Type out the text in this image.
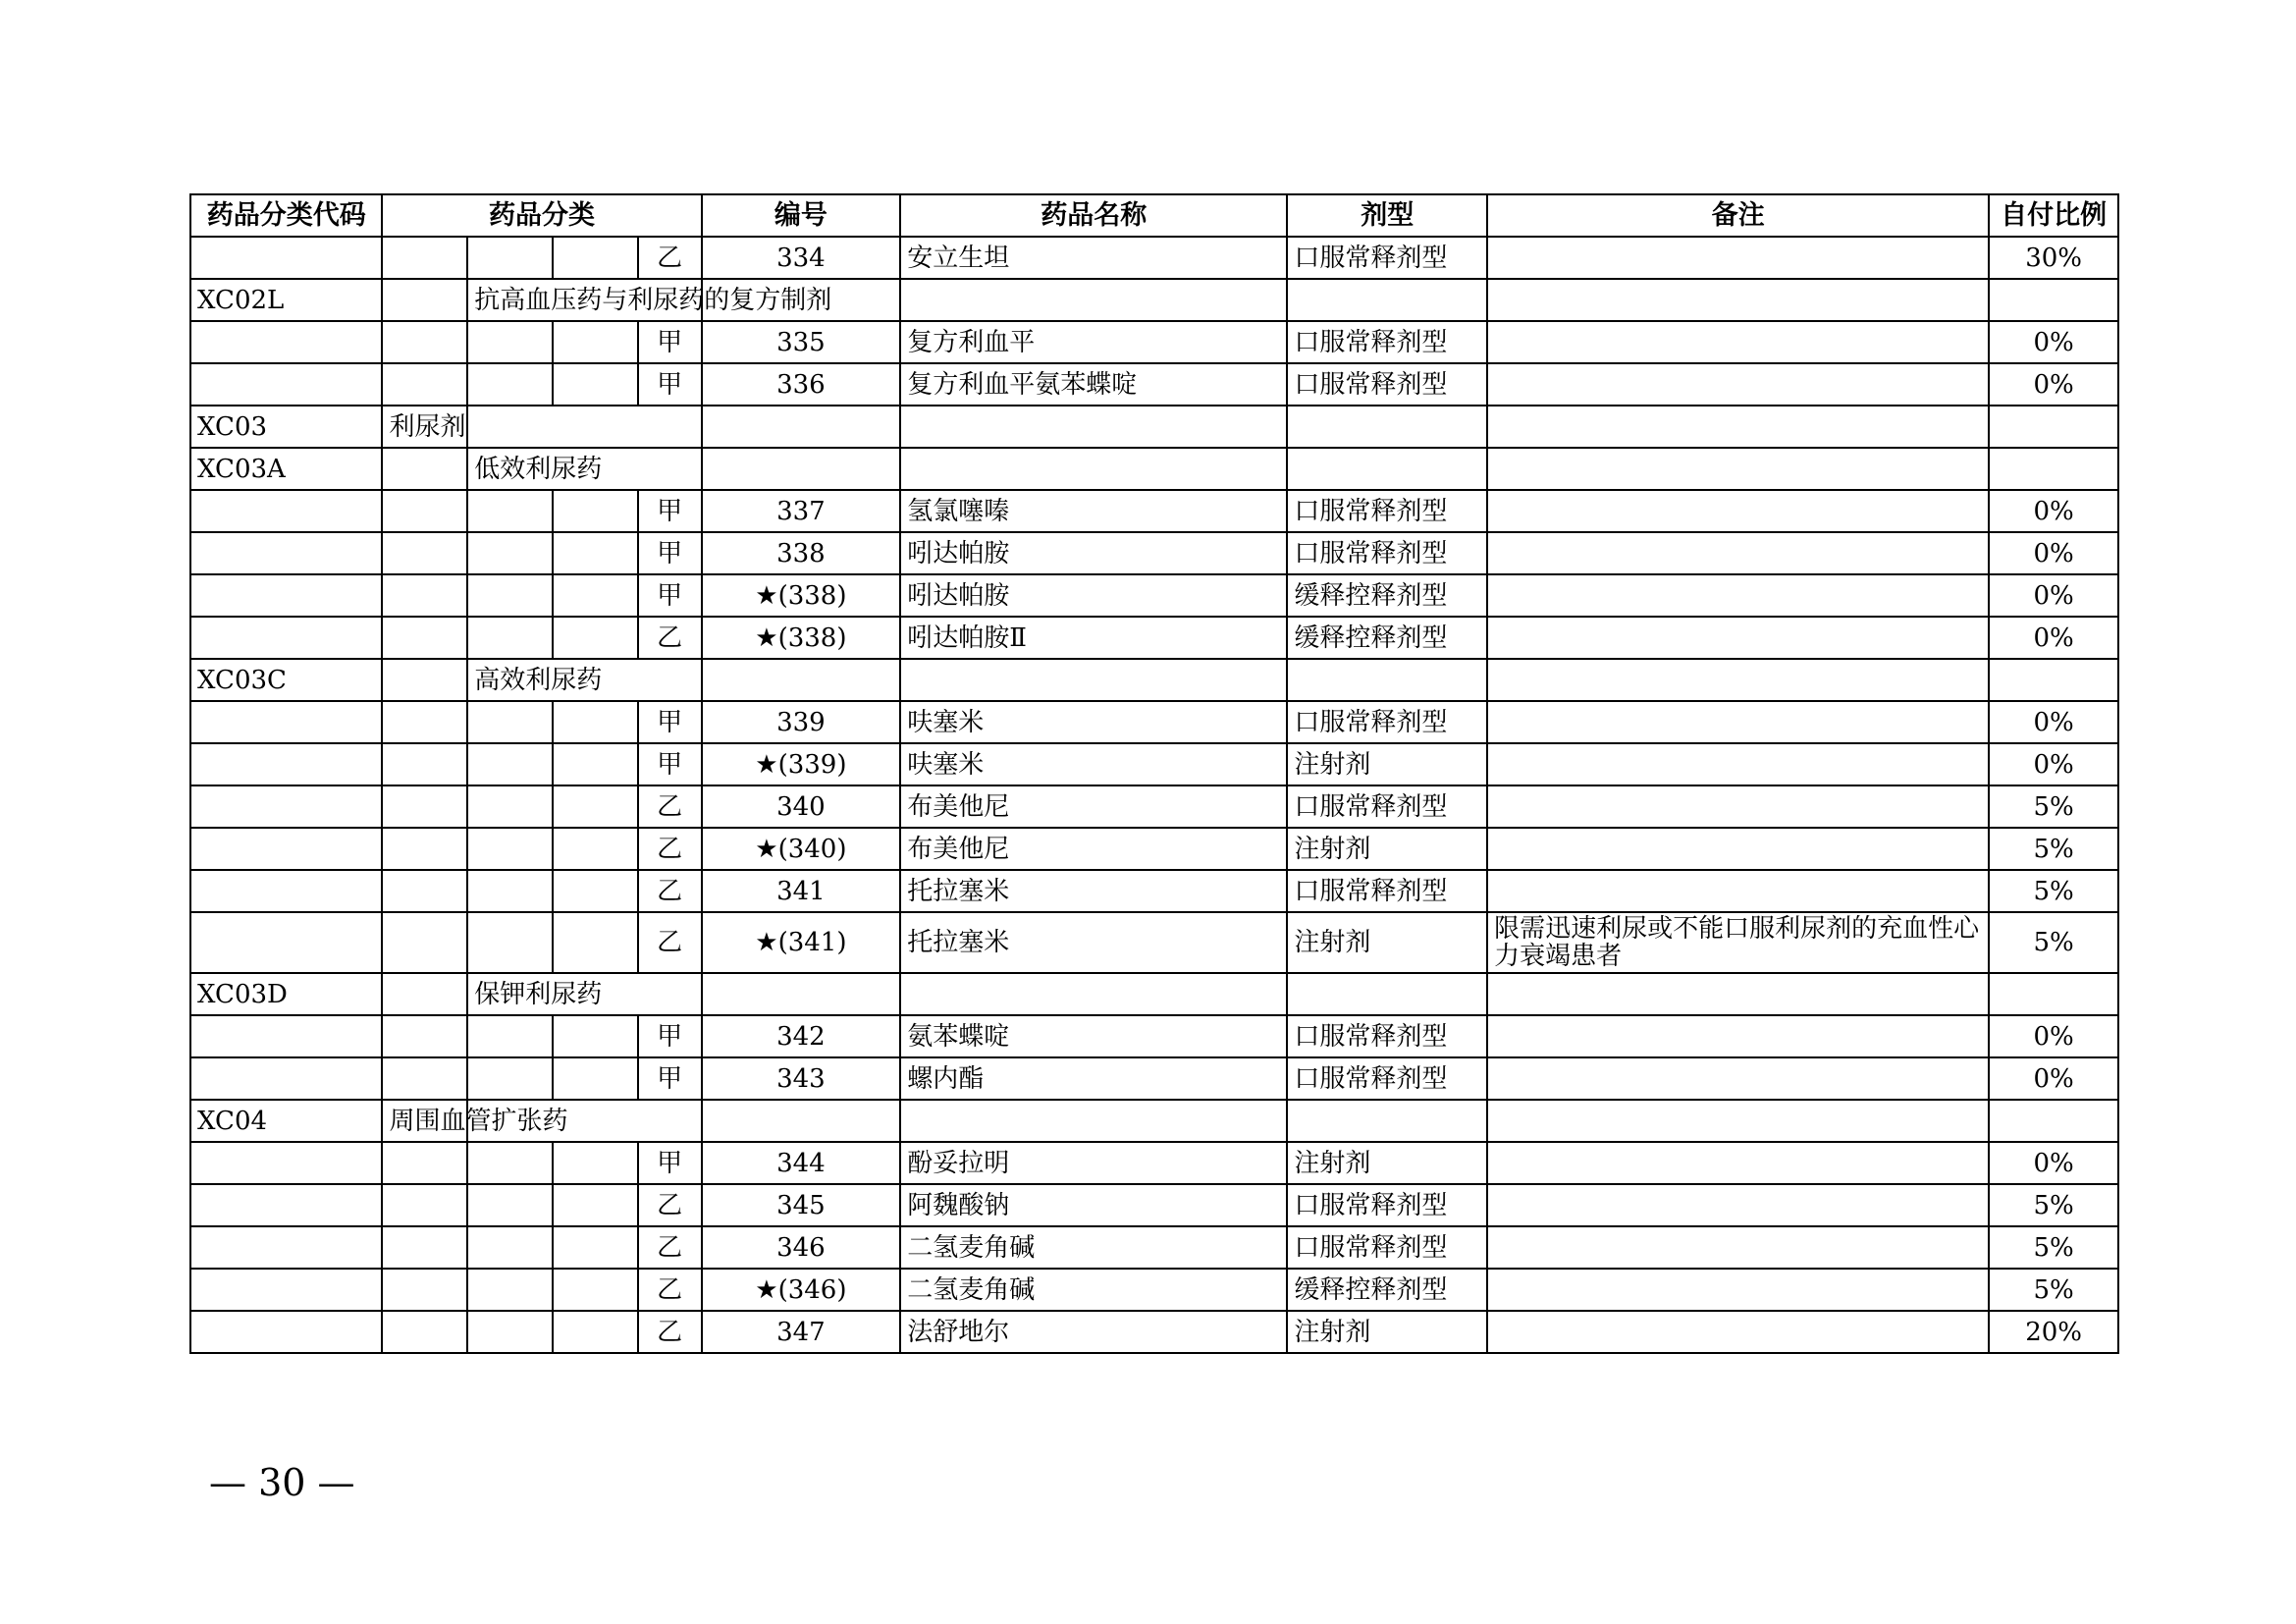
药品分类代码	药品分类				编号	药品名称	剂型	备注	自付比例
				乙	334	安立生坦	口服常释剂型		30%
XC02L		抗高血压药与利尿药的复方制剂							
				甲	335	复方利血平	口服常释剂型		0%
				甲	336	复方利血平氨苯蝶啶	口服常释剂型		0%
XC03	利尿剂								
XC03A		低效利尿药							
				甲	337	氢氯噻嗪	口服常释剂型		0%
				甲	338	吲达帕胺	口服常释剂型		0%
				甲	★(338)	吲达帕胺	缓释控释剂型		0%
				乙	★(338)	吲达帕胺Ⅱ	缓释控释剂型		0%
XC03C		高效利尿药							
				甲	339	呋塞米	口服常释剂型		0%
				甲	★(339)	呋塞米	注射剂		0%
				乙	340	布美他尼	口服常释剂型		5%
				乙	★(340)	布美他尼	注射剂		5%
				乙	341	托拉塞米	口服常释剂型		5%
				乙	★(341)	托拉塞米	注射剂	限需迅速利尿或不能口服利尿剂的充血性心力衰竭患者	5%
XC03D		保钾利尿药							
				甲	342	氨苯蝶啶	口服常释剂型		0%
				甲	343	螺内酯	口服常释剂型		0%
XC04	周围血管扩张药								
				甲	344	酚妥拉明	注射剂		0%
				乙	345	阿魏酸钠	口服常释剂型		5%
				乙	346	二氢麦角碱	口服常释剂型		5%
				乙	★(346)	二氢麦角碱	缓释控释剂型		5%
				乙	347	法舒地尔	注射剂		20%
— 30 —
